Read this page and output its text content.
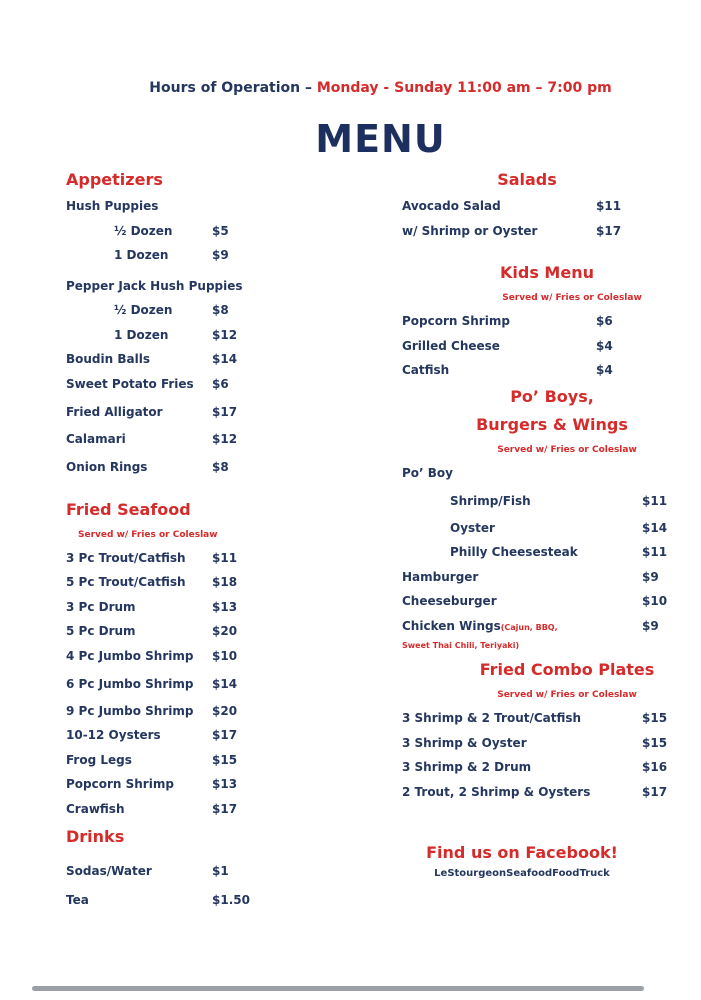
Hours of Operation – Monday - Sunday 11:00 am – 7:00 pm
MENU
Appetizers
Hush Puppies
½ Dozen	$5
1 Dozen	$9
Pepper Jack Hush Puppies
½ Dozen	$8
1 Dozen	$12
Boudin Balls	$14
Sweet Potato Fries $6
Fried Alligator	$17
Calamari	$12
Onion Rings	$8
Fried Seafood
Served w/ Fries or Coleslaw
3 Pc Trout/Catfish $11
5 Pc Trout/Catfish $18
3 Pc Drum	$13
5 Pc Drum	$20
4 Pc Jumbo Shrimp $10
6 Pc Jumbo Shrimp $14
9 Pc Jumbo Shrimp $20
10-12 Oysters	$17
Frog Legs	$15
Popcorn Shrimp	$13
Crawfish	$17
Drinks
Sodas/Water	$1
Tea	$1.50
Salads
Avocado Salad	$11
w/ Shrimp or Oyster	$17
Kids Menu
Served w/ Fries or Coleslaw
Popcorn Shrimp	$6
Grilled Cheese	$4
Catfish	$4
Po’ Boys,
Burgers & Wings
Served w/ Fries or Coleslaw
Po’ Boy
Shrimp/Fish	$11
Oyster	$14
Philly Cheesesteak	$11
Hamburger	$9
Cheeseburger	$10
Chicken Wings(Cajun, BBQ,	$9
Sweet Thai Chili, Teriyaki)
Fried Combo Plates
Served w/ Fries or Coleslaw
3 Shrimp & 2 Trout/Catfish	$15
3 Shrimp & Oyster	$15
3 Shrimp & 2 Drum	$16
2 Trout, 2 Shrimp & Oysters	$17
Find us on Facebook!
LeStourgeonSeafoodFoodTruck
